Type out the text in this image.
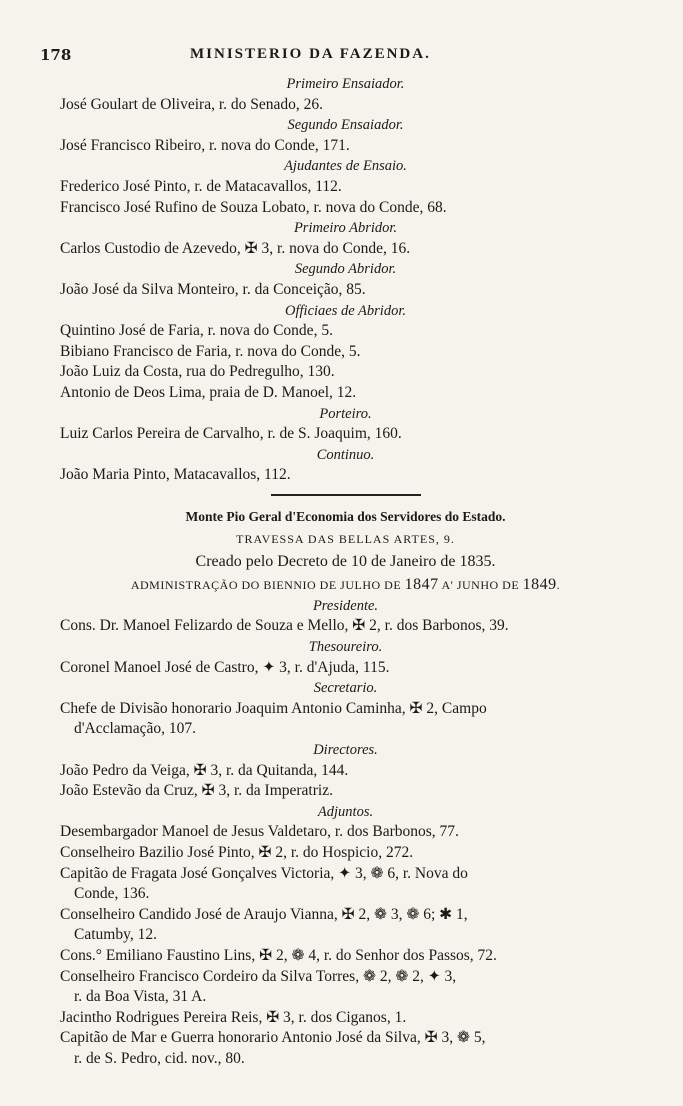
178	MINISTERIO DA FAZENDA.
Primeiro Ensaiador.
José Goulart de Oliveira, r. do Senado, 26.
Segundo Ensaiador.
José Francisco Ribeiro, r. nova do Conde, 171.
Ajudantes de Ensaio.
Frederico José Pinto, r. de Matacavallos, 112.
Francisco José Rufino de Souza Lobato, r. nova do Conde, 68.
Primeiro Abridor.
Carlos Custodio de Azevedo, ✠ 3, r. nova do Conde, 16.
Segundo Abridor.
João José da Silva Monteiro, r. da Conceição, 85.
Officiaes de Abridor.
Quintino José de Faria, r. nova do Conde, 5.
Bibiano Francisco de Faria, r. nova do Conde, 5.
João Luiz da Costa, rua do Pedregulho, 130.
Antonio de Deos Lima, praia de D. Manoel, 12.
Porteiro.
Luiz Carlos Pereira de Carvalho, r. de S. Joaquim, 160.
Continuo.
João Maria Pinto, Matacavallos, 112.
Monte Pio Geral d'Economia dos Servidores do Estado.
TRAVESSA DAS BELLAS ARTES, 9.
Creado pelo Decreto de 10 de Janeiro de 1835.
ADMINISTRAÇÃO DO BIENNIO DE JULHO DE 1847 A' JUNHO DE 1849.
Presidente.
Cons. Dr. Manoel Felizardo de Souza e Mello, ✠ 2, r. dos Barbonos, 39.
Thesoureiro.
Coronel Manoel José de Castro, ✦ 3, r. d'Ajuda, 115.
Secretario.
Chefe de Divisão honorario Joaquim Antonio Caminha, ✠ 2, Campo
d'Acclamação, 107.
Directores.
João Pedro da Veiga, ✠ 3, r. da Quitanda, 144.
João Estevão da Cruz, ✠ 3, r. da Imperatriz.
Adjuntos.
Desembargador Manoel de Jesus Valdetaro, r. dos Barbonos, 77.
Conselheiro Bazilio José Pinto, ✠ 2, r. do Hospicio, 272.
Capitão de Fragata José Gonçalves Victoria, ✦ 3, ❁ 6, r. Nova do
Conde, 136.
Conselheiro Candido José de Araujo Vianna, ✠ 2, ❁ 3, ❁ 6; ✱ 1,
Catumby, 12.
Cons.° Emiliano Faustino Lins, ✠ 2, ❁ 4, r. do Senhor dos Passos, 72.
Conselheiro Francisco Cordeiro da Silva Torres, ❁ 2, ❁ 2, ✦ 3,
r. da Boa Vista, 31 A.
Jacintho Rodrigues Pereira Reis, ✠ 3, r. dos Ciganos, 1.
Capitão de Mar e Guerra honorario Antonio José da Silva, ✠ 3, ❁ 5,
r. de S. Pedro, cid. nov., 80.
